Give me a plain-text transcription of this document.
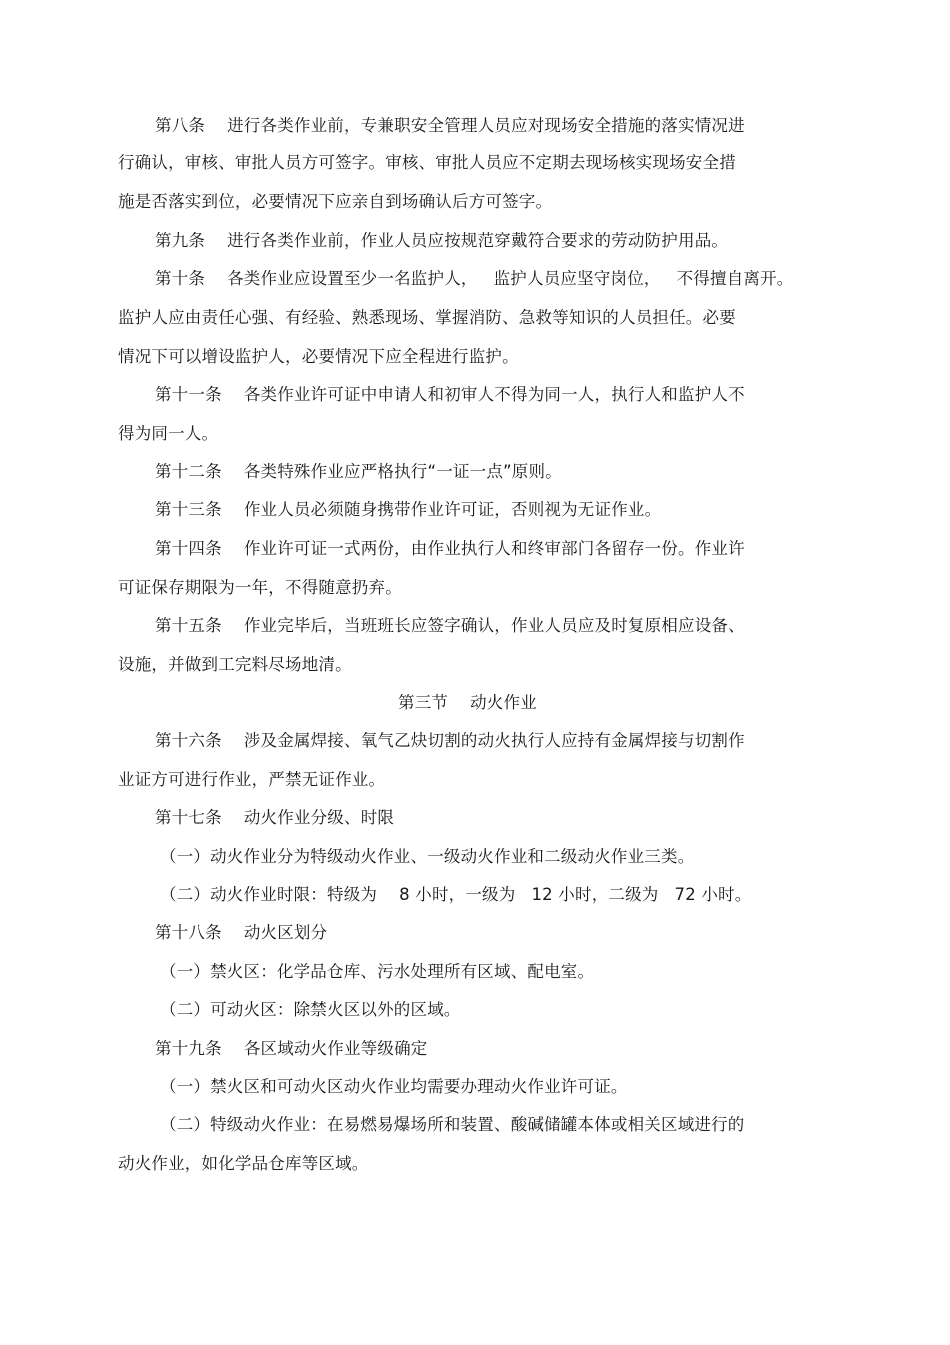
第八条 进行各类作业前，专兼职安全管理人员应对现场安全措施的落实情况进
行确认，审核、审批人员方可签字。审核、审批人员应不定期去现场核实现场安全措
施是否落实到位，必要情况下应亲自到场确认后方可签字。
第九条 进行各类作业前，作业人员应按规范穿戴符合要求的劳动防护用品。
第十条 各类作业应设置至少一名监护人， 监护人员应坚守岗位， 不得擅自离开。
监护人应由责任心强、有经验、熟悉现场、掌握消防、急救等知识的人员担任。必要
情况下可以增设监护人，必要情况下应全程进行监护。
第十一条 各类作业许可证中申请人和初审人不得为同一人，执行人和监护人不
得为同一人。
第十二条 各类特殊作业应严格执行“一证一点”原则。
第十三条 作业人员必须随身携带作业许可证，否则视为无证作业。
第十四条 作业许可证一式两份，由作业执行人和终审部门各留存一份。作业许
可证保存期限为一年，不得随意扔弃。
第十五条 作业完毕后，当班班长应签字确认，作业人员应及时复原相应设备、
设施，并做到工完料尽场地清。
第三节 动火作业
第十六条 涉及金属焊接、氧气乙炔切割的动火执行人应持有金属焊接与切割作
业证方可进行作业，严禁无证作业。
第十七条 动火作业分级、时限
（一）动火作业分为特级动火作业、一级动火作业和二级动火作业三类。
（二）动火作业时限：特级为 8 小时，一级为 12 小时，二级为 72 小时。
第十八条 动火区划分
（一）禁火区：化学品仓库、污水处理所有区域、配电室。
（二）可动火区：除禁火区以外的区域。
第十九条 各区域动火作业等级确定
（一）禁火区和可动火区动火作业均需要办理动火作业许可证。
（二）特级动火作业：在易燃易爆场所和装置、酸碱储罐本体或相关区域进行的
动火作业，如化学品仓库等区域。
